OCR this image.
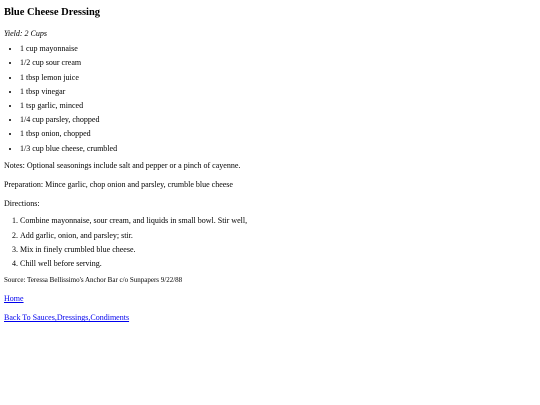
Blue Cheese Dressing
Yield: 2 Cups
• 1 cup mayonnaise
• 1/2 cup sour cream
• 1 tbsp lemon juice
• 1 tbsp vinegar
• 1 tsp garlic, minced
• 1/4 cup parsley, chopped
• 1 tbsp onion, chopped
• 1/3 cup blue cheese, crumbled

Notes: Optional seasonings include salt and pepper or a pinch of cayenne.

Preparation: Mince garlic, chop onion and parsley, crumble blue cheese

Directions:

1. Combine mayonnaise, sour cream, and liquids in small bowl. Stir well,
2. Add garlic, onion, and parsley; stir.
3. Mix in finely crumbled blue cheese.
4. Chill well before serving.
Source: Teressa Bellissimo's Anchor Bar c/o Sunpapers 9/22/88

Home

Back To Sauces,Dressings,Condiments
